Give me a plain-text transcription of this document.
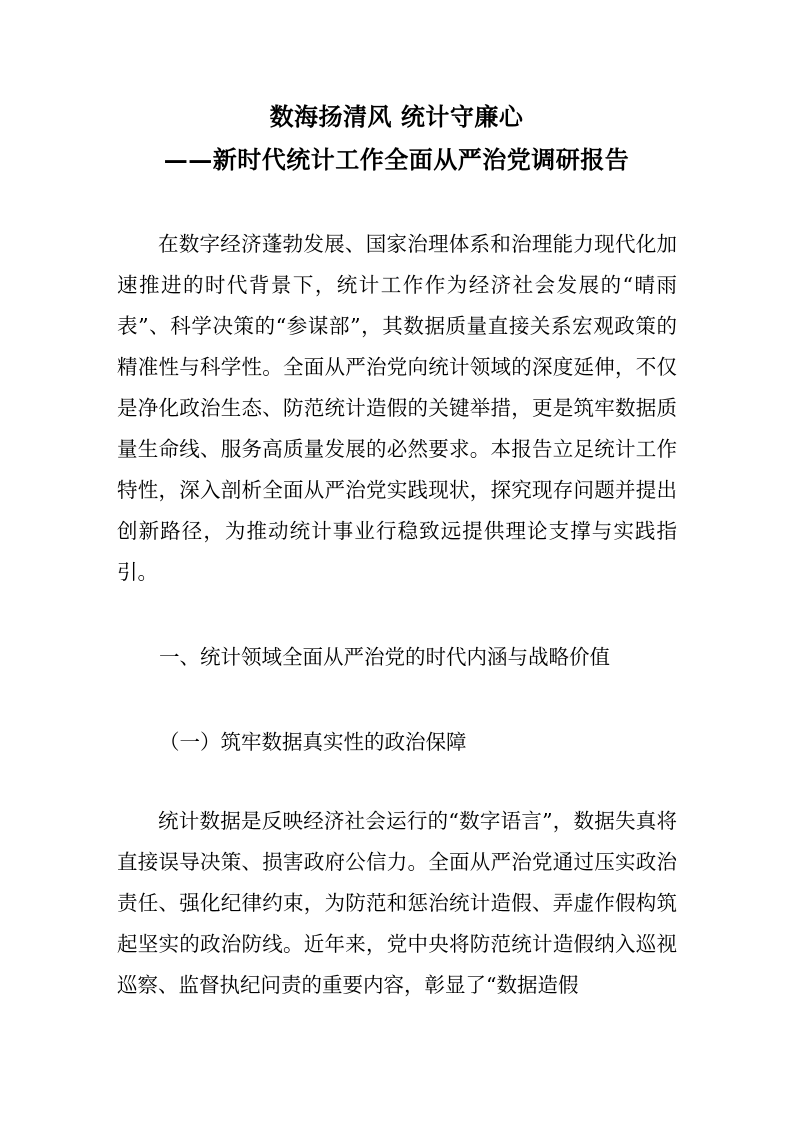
数海扬清风 统计守廉心
——新时代统计工作全面从严治党调研报告

在数字经济蓬勃发展、国家治理体系和治理能力现代化加速推进的时代背景下，统计工作作为经济社会发展的“晴雨表”、科学决策的“参谋部”，其数据质量直接关系宏观政策的精准性与科学性。全面从严治党向统计领域的深度延伸，不仅是净化政治生态、防范统计造假的关键举措，更是筑牢数据质量生命线、服务高质量发展的必然要求。本报告立足统计工作特性，深入剖析全面从严治党实践现状，探究现存问题并提出创新路径，为推动统计事业行稳致远提供理论支撑与实践指引。

一、统计领域全面从严治党的时代内涵与战略价值

（一）筑牢数据真实性的政治保障

统计数据是反映经济社会运行的“数字语言”，数据失真将直接误导决策、损害政府公信力。全面从严治党通过压实政治责任、强化纪律约束，为防范和惩治统计造假、弄虚作假构筑起坚实的政治防线。近年来，党中央将防范统计造假纳入巡视巡察、监督执纪问责的重要内容，彰显了“数据造假
